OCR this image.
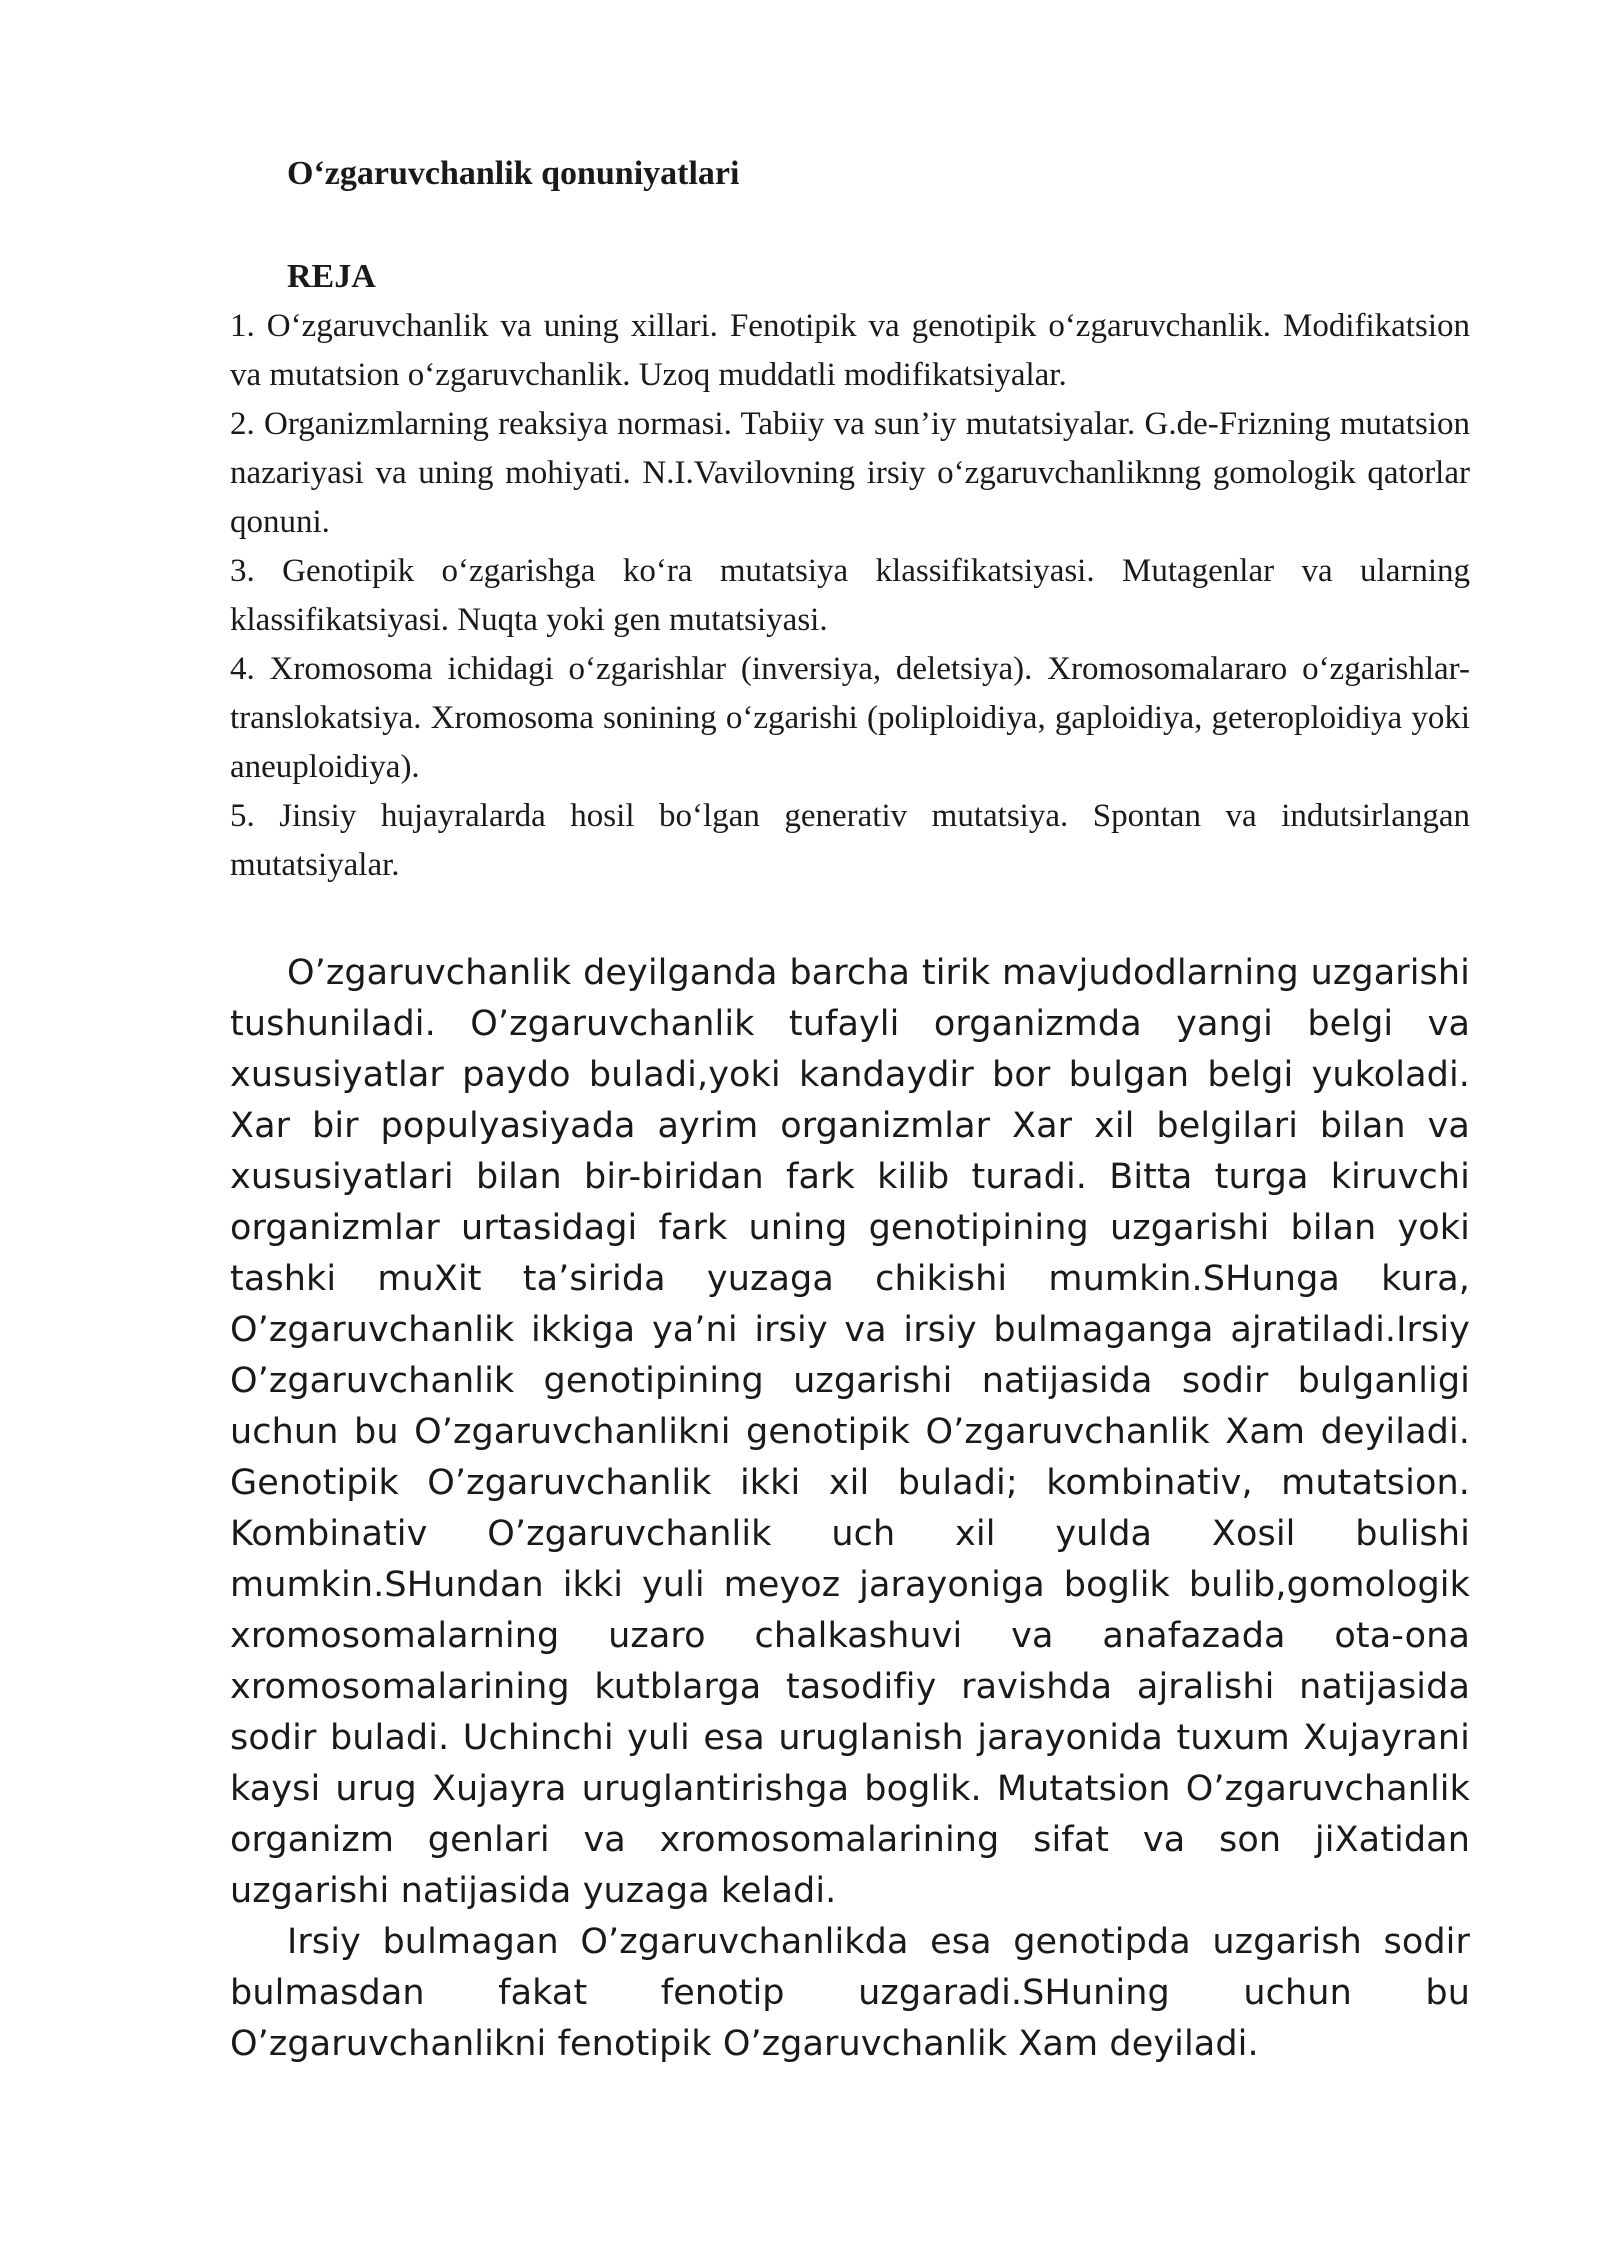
O‘zgaruvchanlik qonuniyatlari
REJA
1. O‘zgaruvchanlik va uning xillari. Fenotipik va genotipik o‘zgaruvchanlik. Modifikatsion va mutatsion o‘zgaruvchanlik. Uzoq muddatli modifikatsiyalar.
2. Organizmlarning reaksiya normasi. Tabiiy va sun’iy mutatsiyalar. G.de-Frizning mutatsion nazariyasi va uning mohiyati. N.I.Vavilovning irsiy o‘zgaruvchanliknng gomologik qatorlar qonuni.
3. Genotipik o‘zgarishga ko‘ra mutatsiya klassifikatsiyasi. Mutagenlar va ularning klassifikatsiyasi. Nuqta yoki gen mutatsiyasi.
4. Xromosoma ichidagi o‘zgarishlar (inversiya, deletsiya). Xromosomalararo o‘zgarishlar-translokatsiya. Xromosoma sonining o‘zgarishi (poliploidiya, gaploidiya, geteroploidiya yoki aneuploidiya).
5. Jinsiy hujayralarda hosil bo‘lgan generativ mutatsiya. Spontan va indutsirlangan mutatsiyalar.

O’zgaruvchanlik deyilganda barcha tirik mavjudodlarning uzgarishi tushuniladi. O’zgaruvchanlik tufayli organizmda yangi belgi va xususiyatlar paydo buladi,yoki kandaydir bor bulgan belgi yukoladi. Xar bir populyasiyada ayrim organizmlar Xar xil belgilari bilan va xususiyatlari bilan bir-biridan fark kilib turadi. Bitta turga kiruvchi organizmlar urtasidagi fark uning genotipining uzgarishi bilan yoki tashki muXit ta’sirida yuzaga chikishi mumkin.SHunga kura, O’zgaruvchanlik ikkiga ya’ni irsiy va irsiy bulmaganga ajratiladi.Irsiy O’zgaruvchanlik genotipining uzgarishi natijasida sodir bulganligi uchun bu O’zgaruvchanlikni genotipik O’zgaruvchanlik Xam deyiladi. Genotipik O’zgaruvchanlik ikki xil buladi; kombinativ, mutatsion. Kombinativ O’zgaruvchanlik uch xil yulda Xosil bulishi mumkin.SHundan ikki yuli meyoz jarayoniga boglik bulib,gomologik xromosomalarning uzaro chalkashuvi va anafazada ota-ona xromosomalarining kutblarga tasodifiy ravishda ajralishi natijasida sodir buladi. Uchinchi yuli esa uruglanish jarayonida tuxum Xujayrani kaysi urug Xujayra uruglantirishga boglik. Mutatsion O’zgaruvchanlik organizm genlari va xromosomalarining sifat va son jiXatidan uzgarishi natijasida yuzaga keladi.

Irsiy bulmagan O’zgaruvchanlikda esa genotipda uzgarish sodir bulmasdan fakat fenotip uzgaradi.SHuning uchun bu O’zgaruvchanlikni fenotipik O’zgaruvchanlik Xam deyiladi.
